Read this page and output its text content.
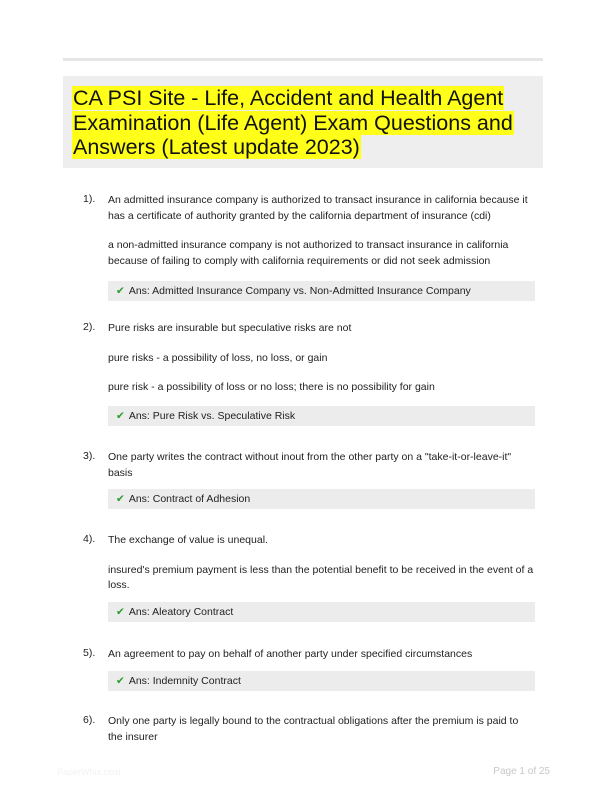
CA PSI Site - Life, Accident and Health Agent Examination (Life Agent) Exam Questions and Answers (Latest update 2023)
1). An admitted insurance company is authorized to transact insurance in california because it has a certificate of authority granted by the california department of insurance (cdi)

a non-admitted insurance company is not authorized to transact insurance in california because of failing to comply with california requirements or did not seek admission

✔ Ans: Admitted Insurance Company vs. Non-Admitted Insurance Company
2). Pure risks are insurable but speculative risks are not

pure risks - a possibility of loss, no loss, or gain

pure risk - a possibility of loss or no loss; there is no possibility for gain

✔ Ans: Pure Risk vs. Speculative Risk
3). One party writes the contract without inout from the other party on a "take-it-or-leave-it" basis

✔ Ans: Contract of Adhesion
4). The exchange of value is unequal.

insured's premium payment is less than the potential benefit to be received in the event of a loss.

✔ Ans: Aleatory Contract
5). An agreement to pay on behalf of another party under specified circumstances

✔ Ans: Indemnity Contract
6). Only one party is legally bound to the contractual obligations after the premium is paid to the insurer

PaperWhiz.com	Page 1 of 25
